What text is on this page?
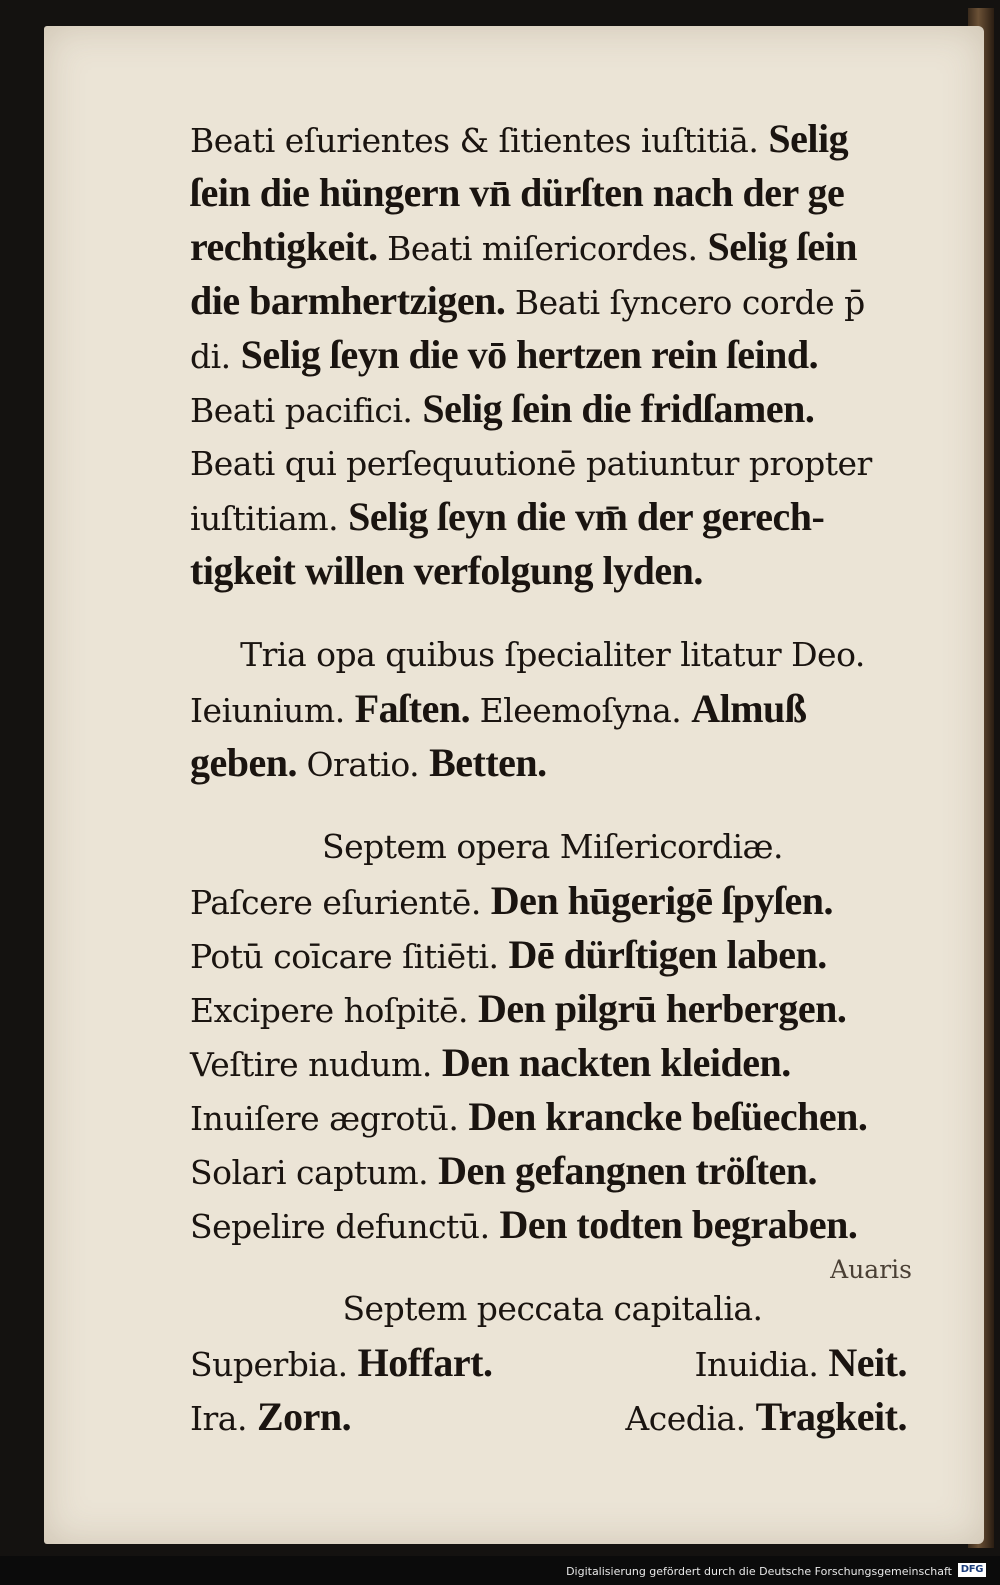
Beati eſurientes & ſitientes iuſtitiā. Selig
ſein die hüngern vn̄ dürſten nach der ge
rechtigkeit. Beati miſericordes. Selig ſein
die barmhertzigen. Beati ſyncero corde p̄
di. Selig ſeyn die vō hertzen rein ſeind.
Beati pacifici. Selig ſein die fridſamen.
Beati qui perſequutionē patiuntur propter
iuſtitiam. Selig ſeyn die vm̄ der gerech-
tigkeit willen verfolgung lyden.
Tria opa quibus ſpecialiter litatur Deo.
Ieiunium. Faſten. Eleemoſyna. Almuß
geben. Oratio. Betten.
Septem opera Miſericordiæ.
Paſcere eſurientē. Den hūgerigē ſpyſen.
Potū coīcare ſitiēti. Dē dürſtigen laben.
Excipere hoſpitē. Den pilgrū herbergen.
Veſtire nudum. Den nackten kleiden.
Inuiſere ægrotū. Den krancke beſüechen.
Solari captum. Den gefangnen tröſten.
Sepelire defunctū. Den todten begraben.
Septem peccata capitalia.
Superbia. Hoffart.	Inuidia. Neit.
Ira. Zorn.	Acedia. Tragkeit.
Auaris
Digitalisierung gefördert durch die Deutsche Forschungsgemeinschaft DFG
